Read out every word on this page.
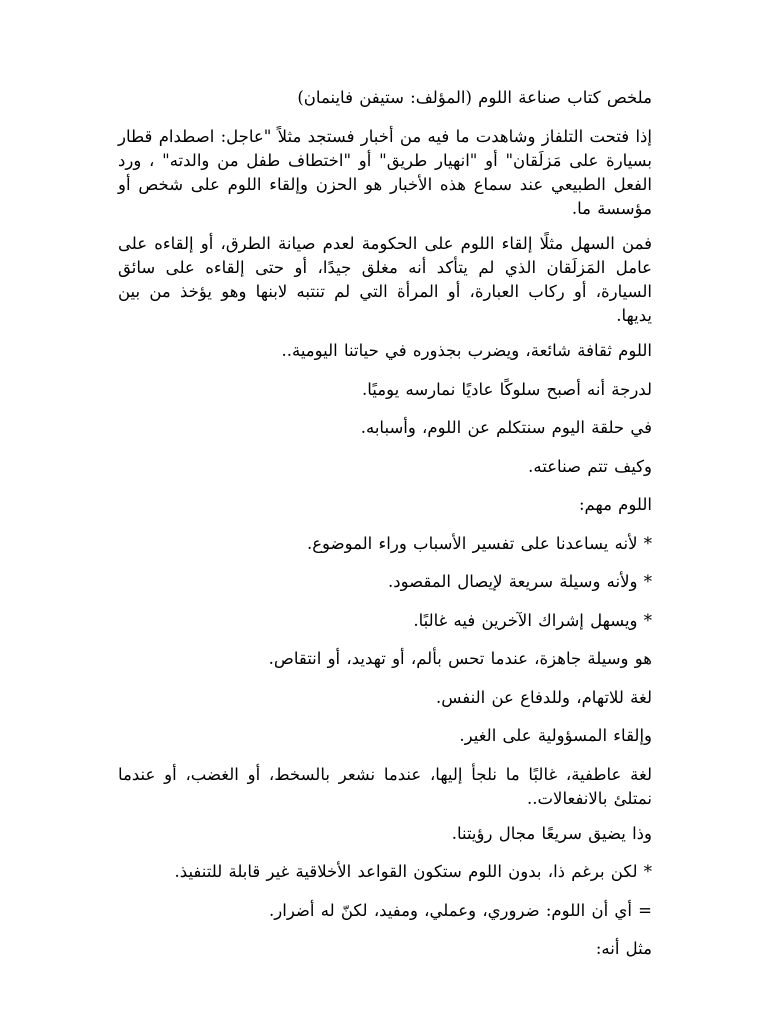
ملخص كتاب صناعة اللوم (المؤلف: ستيفن فاينمان)

إذا فتحت التلفاز وشاهدت ما فيه من أخبار فستجد مثلاً "عاجل: اصطدام قطار بسيارة على مَزلَقان" أو "انهيار طريق" أو "اختطاف طفل من والدته" ، ورد الفعل الطبيعي عند سماع هذه الأخبار هو الحزن وإلقاء اللوم على شخص أو مؤسسة ما.

فمن السهل مثلًا إلقاء اللوم على الحكومة لعدم صيانة الطرق، أو إلقاءه على عامل المَزلَقان الذي لم يتأكد أنه مغلق جيدًا، أو حتى إلقاءه على سائق السيارة، أو ركاب العبارة، أو المرأة التي لم تنتبه لابنها وهو يؤخذ من بين يديها.

اللوم ثقافة شائعة، ويضرب بجذوره في حياتنا اليومية..

لدرجة أنه أصبح سلوكًا عاديًا نمارسه يوميًا.

في حلقة اليوم سنتكلم عن اللوم، وأسبابه.

وكيف تتم صناعته.

اللوم مهم:

* لأنه يساعدنا على تفسير الأسباب وراء الموضوع.

* ولأنه وسيلة سريعة لإيصال المقصود.

* ويسهل إشراك الآخرين فيه غالبًا.

هو وسيلة جاهزة، عندما تحس بألم، أو تهديد، أو انتقاص.

لغة للاتهام، وللدفاع عن النفس.

وإلقاء المسؤولية على الغير.

لغة عاطفية، غالبًا ما نلجأ إليها، عندما نشعر بالسخط، أو الغضب، أو عندما نمتلئ بالانفعالات..

وذا يضيق سريعًا مجال رؤيتنا.

* لكن برغم ذا، بدون اللوم ستكون القواعد الأخلاقية غير قابلة للتنفيذ.

= أي أن اللوم: ضروري، وعملي، ومفيد، لكنّ له أضرار.

مثل أنه:
